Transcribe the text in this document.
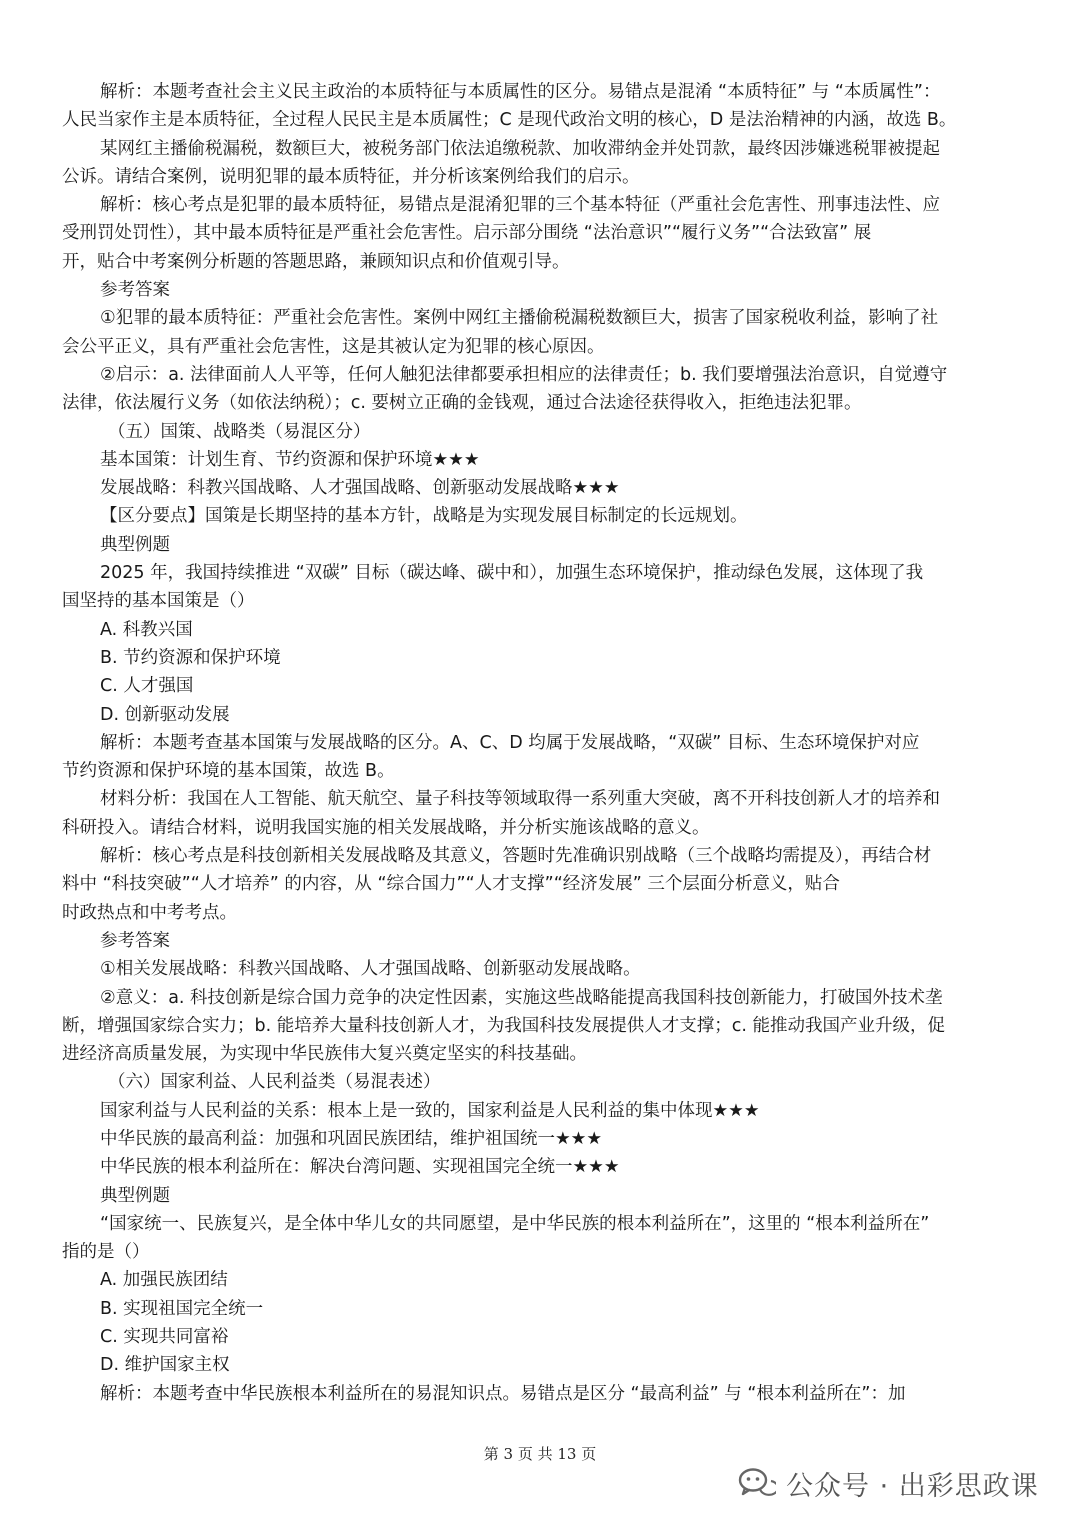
解析：本题考查社会主义民主政治的本质特征与本质属性的区分。易错点是混淆 “本质特征” 与 “本质属性”：
人民当家作主是本质特征，全过程人民民主是本质属性；C 是现代政治文明的核心，D 是法治精神的内涵，故选 B。
某网红主播偷税漏税，数额巨大，被税务部门依法追缴税款、加收滞纳金并处罚款，最终因涉嫌逃税罪被提起
公诉。请结合案例，说明犯罪的最本质特征，并分析该案例给我们的启示。
解析：核心考点是犯罪的最本质特征，易错点是混淆犯罪的三个基本特征（严重社会危害性、刑事违法性、应
受刑罚处罚性），其中最本质特征是严重社会危害性。启示部分围绕 “法治意识”“履行义务”“合法致富” 展
开，贴合中考案例分析题的答题思路，兼顾知识点和价值观引导。
参考答案
①犯罪的最本质特征：严重社会危害性。案例中网红主播偷税漏税数额巨大，损害了国家税收利益，影响了社
会公平正义，具有严重社会危害性，这是其被认定为犯罪的核心原因。
②启示：a. 法律面前人人平等，任何人触犯法律都要承担相应的法律责任；b. 我们要增强法治意识，自觉遵守
法律，依法履行义务（如依法纳税）；c. 要树立正确的金钱观，通过合法途径获得收入，拒绝违法犯罪。
（五）国策、战略类（易混区分）
基本国策：计划生育、节约资源和保护环境★★★
发展战略：科教兴国战略、人才强国战略、创新驱动发展战略★★★
【区分要点】国策是长期坚持的基本方针，战略是为实现发展目标制定的长远规划。
典型例题
2025 年，我国持续推进 “双碳” 目标（碳达峰、碳中和），加强生态环境保护，推动绿色发展，这体现了我
国坚持的基本国策是（）
A. 科教兴国
B. 节约资源和保护环境
C. 人才强国
D. 创新驱动发展
解析：本题考查基本国策与发展战略的区分。A、C、D 均属于发展战略，“双碳” 目标、生态环境保护对应
节约资源和保护环境的基本国策，故选 B。
材料分析：我国在人工智能、航天航空、量子科技等领域取得一系列重大突破，离不开科技创新人才的培养和
科研投入。请结合材料，说明我国实施的相关发展战略，并分析实施该战略的意义。
解析：核心考点是科技创新相关发展战略及其意义，答题时先准确识别战略（三个战略均需提及），再结合材
料中 “科技突破”“人才培养” 的内容，从 “综合国力”“人才支撑”“经济发展” 三个层面分析意义，贴合
时政热点和中考考点。
参考答案
①相关发展战略：科教兴国战略、人才强国战略、创新驱动发展战略。
②意义：a. 科技创新是综合国力竞争的决定性因素，实施这些战略能提高我国科技创新能力，打破国外技术垄
断，增强国家综合实力；b. 能培养大量科技创新人才，为我国科技发展提供人才支撑；c. 能推动我国产业升级，促
进经济高质量发展，为实现中华民族伟大复兴奠定坚实的科技基础。
（六）国家利益、人民利益类（易混表述）
国家利益与人民利益的关系：根本上是一致的，国家利益是人民利益的集中体现★★★
中华民族的最高利益：加强和巩固民族团结，维护祖国统一★★★
中华民族的根本利益所在：解决台湾问题、实现祖国完全统一★★★
典型例题
“国家统一、民族复兴，是全体中华儿女的共同愿望，是中华民族的根本利益所在”，这里的 “根本利益所在”
指的是（）
A. 加强民族团结
B. 实现祖国完全统一
C. 实现共同富裕
D. 维护国家主权
解析：本题考查中华民族根本利益所在的易混知识点。易错点是区分 “最高利益” 与 “根本利益所在”：加
第 3 页 共 13 页
公众号 · 出彩思政课
